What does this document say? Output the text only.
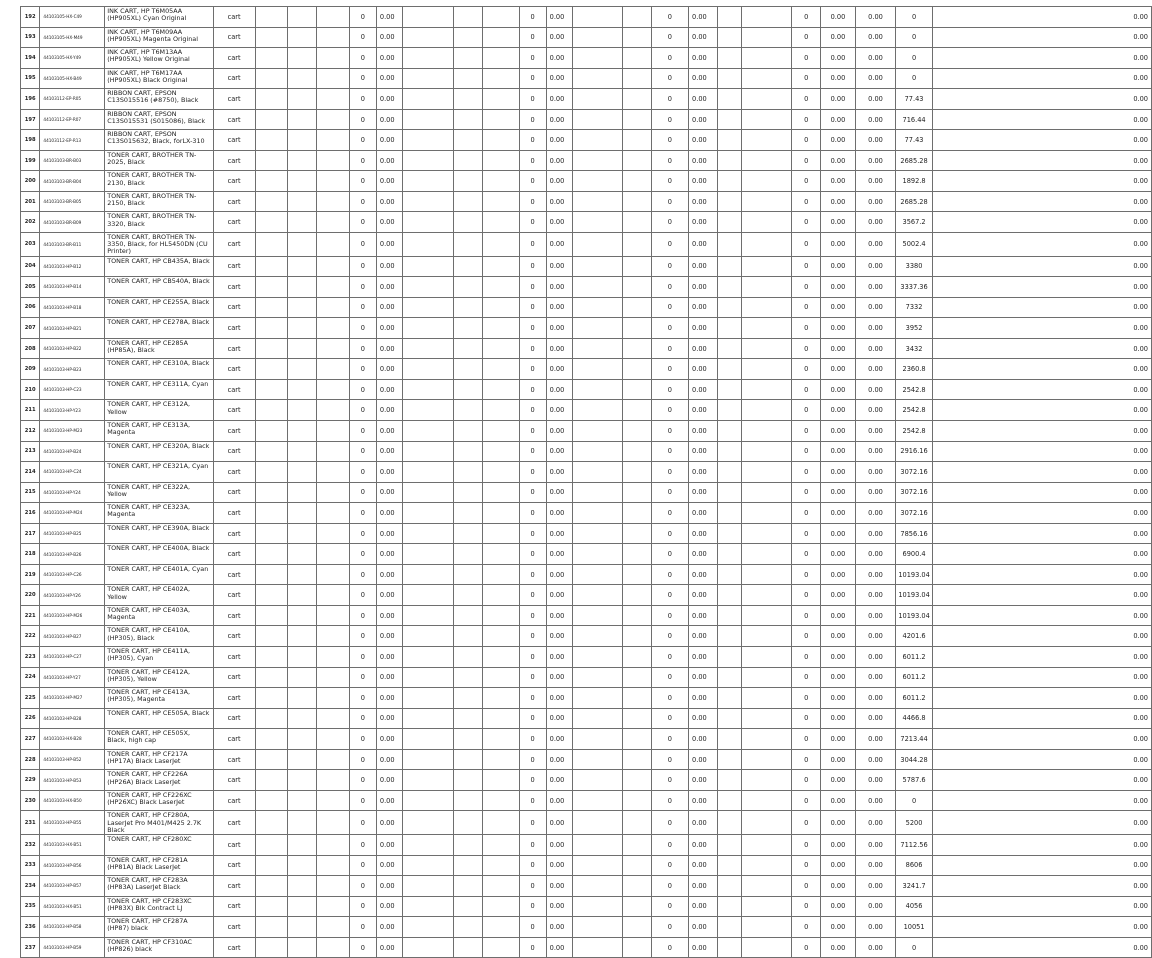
192	44103105-HX-C49	INK CART, HP T6M05AA (HP905XL) Cyan Original	cart				0	0.00				0	0.00			0	0.00			0	0.00	0.00	0	0.00
193	44103105-HX-M49	INK CART, HP T6M09AA (HP905XL) Magenta Original	cart				0	0.00				0	0.00			0	0.00			0	0.00	0.00	0	0.00
194	44103105-HX-Y49	INK CART, HP T6M13AA (HP905XL) Yellow Original	cart				0	0.00				0	0.00			0	0.00			0	0.00	0.00	0	0.00
195	44103105-HX-B49	INK CART, HP T6M17AA (HP905XL) Black Original	cart				0	0.00				0	0.00			0	0.00			0	0.00	0.00	0	0.00
196	44103112-EP-R05	RIBBON CART, EPSON C13S015516 (#8750), Black	cart				0	0.00				0	0.00			0	0.00			0	0.00	0.00	77.43	0.00
197	44103112-EP-R07	RIBBON CART, EPSON C13S015531 (S015086), Black	cart				0	0.00				0	0.00			0	0.00			0	0.00	0.00	716.44	0.00
198	44103112-EP-R13	RIBBON CART, EPSON C13S015632, Black, forLX-310	cart				0	0.00				0	0.00			0	0.00			0	0.00	0.00	77.43	0.00
199	44103103-BR-B03	TONER CART, BROTHER TN-2025, Black	cart				0	0.00				0	0.00			0	0.00			0	0.00	0.00	2685.28	0.00
200	44103103-BR-B04	TONER CART, BROTHER TN-2130, Black	cart				0	0.00				0	0.00			0	0.00			0	0.00	0.00	1892.8	0.00
201	44103103-BR-B05	TONER CART, BROTHER TN-2150, Black	cart				0	0.00				0	0.00			0	0.00			0	0.00	0.00	2685.28	0.00
202	44103103-BR-B09	TONER CART, BROTHER TN-3320, Black	cart				0	0.00				0	0.00			0	0.00			0	0.00	0.00	3567.2	0.00
203	44103103-BR-B11	TONER CART, BROTHER TN-3350, Black, for HL5450DN (CU Printer)	cart				0	0.00				0	0.00			0	0.00			0	0.00	0.00	5002.4	0.00
204	44103103-HP-B12	TONER CART, HP CB435A, Black	cart				0	0.00				0	0.00			0	0.00			0	0.00	0.00	3380	0.00
205	44103103-HP-B14	TONER CART, HP CB540A, Black	cart				0	0.00				0	0.00			0	0.00			0	0.00	0.00	3337.36	0.00
206	44103103-HP-B18	TONER CART, HP CE255A, Black	cart				0	0.00				0	0.00			0	0.00			0	0.00	0.00	7332	0.00
207	44103103-HP-B21	TONER CART, HP CE278A, Black	cart				0	0.00				0	0.00			0	0.00			0	0.00	0.00	3952	0.00
208	44103103-HP-B22	TONER CART, HP CE285A (HP85A), Black	cart				0	0.00				0	0.00			0	0.00			0	0.00	0.00	3432	0.00
209	44103103-HP-B23	TONER CART, HP CE310A, Black	cart				0	0.00				0	0.00			0	0.00			0	0.00	0.00	2360.8	0.00
210	44103103-HP-C23	TONER CART, HP CE311A, Cyan	cart				0	0.00				0	0.00			0	0.00			0	0.00	0.00	2542.8	0.00
211	44103103-HP-Y23	TONER CART, HP CE312A, Yellow	cart				0	0.00				0	0.00			0	0.00			0	0.00	0.00	2542.8	0.00
212	44103103-HP-M23	TONER CART, HP CE313A, Magenta	cart				0	0.00				0	0.00			0	0.00			0	0.00	0.00	2542.8	0.00
213	44103103-HP-B24	TONER CART, HP CE320A, Black	cart				0	0.00				0	0.00			0	0.00			0	0.00	0.00	2916.16	0.00
214	44103103-HP-C24	TONER CART, HP CE321A, Cyan	cart				0	0.00				0	0.00			0	0.00			0	0.00	0.00	3072.16	0.00
215	44103103-HP-Y24	TONER CART, HP CE322A, Yellow	cart				0	0.00				0	0.00			0	0.00			0	0.00	0.00	3072.16	0.00
216	44103103-HP-M24	TONER CART, HP CE323A, Magenta	cart				0	0.00				0	0.00			0	0.00			0	0.00	0.00	3072.16	0.00
217	44103103-HP-B25	TONER CART, HP CE390A, Black	cart				0	0.00				0	0.00			0	0.00			0	0.00	0.00	7856.16	0.00
218	44103103-HP-B26	TONER CART, HP CE400A, Black	cart				0	0.00				0	0.00			0	0.00			0	0.00	0.00	6900.4	0.00
219	44103103-HP-C26	TONER CART, HP CE401A, Cyan	cart				0	0.00				0	0.00			0	0.00			0	0.00	0.00	10193.04	0.00
220	44103103-HP-Y26	TONER CART, HP CE402A, Yellow	cart				0	0.00				0	0.00			0	0.00			0	0.00	0.00	10193.04	0.00
221	44103103-HP-M26	TONER CART, HP CE403A, Magenta	cart				0	0.00				0	0.00			0	0.00			0	0.00	0.00	10193.04	0.00
222	44103103-HP-B27	TONER CART, HP CE410A, (HP305), Black	cart				0	0.00				0	0.00			0	0.00			0	0.00	0.00	4201.6	0.00
223	44103103-HP-C27	TONER CART, HP CE411A, (HP305), Cyan	cart				0	0.00				0	0.00			0	0.00			0	0.00	0.00	6011.2	0.00
224	44103103-HP-Y27	TONER CART, HP CE412A, (HP305), Yellow	cart				0	0.00				0	0.00			0	0.00			0	0.00	0.00	6011.2	0.00
225	44103103-HP-M27	TONER CART, HP CE413A, (HP305), Magenta	cart				0	0.00				0	0.00			0	0.00			0	0.00	0.00	6011.2	0.00
226	44103103-HP-B28	TONER CART, HP CE505A, Black	cart				0	0.00				0	0.00			0	0.00			0	0.00	0.00	4466.8	0.00
227	44103103-HX-B28	TONER CART, HP CE505X, Black, high cap	cart				0	0.00				0	0.00			0	0.00			0	0.00	0.00	7213.44	0.00
228	44103103-HP-B52	TONER CART, HP CF217A (HP17A) Black LaserJet	cart				0	0.00				0	0.00			0	0.00			0	0.00	0.00	3044.28	0.00
229	44103103-HP-B53	TONER CART, HP CF226A (HP26A) Black LaserJet	cart				0	0.00				0	0.00			0	0.00			0	0.00	0.00	5787.6	0.00
230	44103103-HX-B50	TONER CART, HP CF226XC (HP26XC) Black LaserJet	cart				0	0.00				0	0.00			0	0.00			0	0.00	0.00	0	0.00
231	44103103-HP-B55	TONER CART, HP CF280A, LaserJet Pro M401/M425 2.7K Black	cart				0	0.00				0	0.00			0	0.00			0	0.00	0.00	5200	0.00
232	44103103-HX-B51	TONER CART, HP CF280XC	cart				0	0.00				0	0.00			0	0.00			0	0.00	0.00	7112.56	0.00
233	44103103-HP-B56	TONER CART, HP CF281A (HP81A) Black LaserJet	cart				0	0.00				0	0.00			0	0.00			0	0.00	0.00	8606	0.00
234	44103103-HP-B57	TONER CART, HP CF283A (HP83A) LaserJet Black	cart				0	0.00				0	0.00			0	0.00			0	0.00	0.00	3241.7	0.00
235	44103103-HX-B51	TONER CART, HP CF283XC (HP83X) Blk Contract LJ	cart				0	0.00				0	0.00			0	0.00			0	0.00	0.00	4056	0.00
236	44103103-HP-B58	TONER CART, HP CF287A (HP87) black	cart				0	0.00				0	0.00			0	0.00			0	0.00	0.00	10051	0.00
237	44103103-HP-B59	TONER CART, HP CF310AC (HP826) black	cart				0	0.00				0	0.00			0	0.00			0	0.00	0.00	0	0.00
